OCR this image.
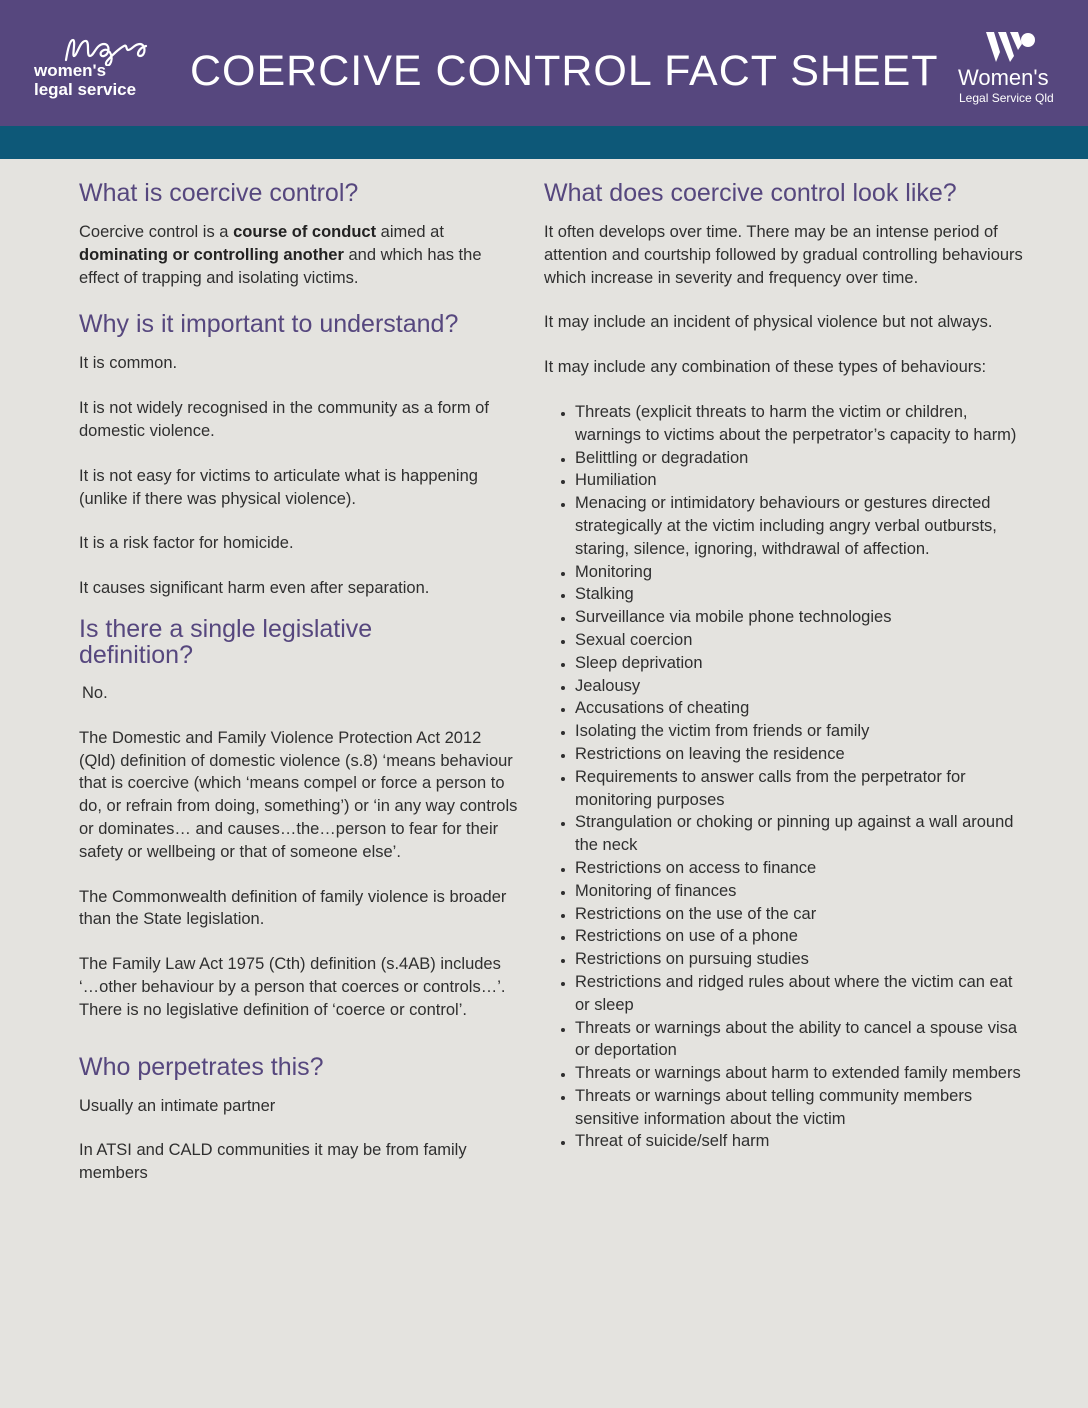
women's
legal service COERCIVE CONTROL FACT SHEET Women's
Legal Service Qld
What is coercive control?

Coercive control is a course of conduct aimed at dominating or controlling another and which has the effect of trapping and isolating victims.

Why is it important to understand?

It is common.

It is not widely recognised in the community as a form of domestic violence.

It is not easy for victims to articulate what is happening (unlike if there was physical violence).

It is a risk factor for homicide.

It causes significant harm even after separation.

Is there a single legislative definition?

No.

The Domestic and Family Violence Protection Act 2012 (Qld) definition of domestic violence (s.8) ‘means behaviour that is coercive (which ‘means compel or force a person to do, or refrain from doing, something’) or ‘in any way controls or dominates… and causes…the…person to fear for their safety or wellbeing or that of someone else’.

The Commonwealth definition of family violence is broader than the State legislation.

The Family Law Act 1975 (Cth) definition (s.4AB) includes ‘…other behaviour by a person that coerces or controls…’. There is no legislative definition of ‘coerce or control’.

Who perpetrates this?

Usually an intimate partner

In ATSI and CALD communities it may be from family members

What does coercive control look like?

It often develops over time. There may be an intense period of attention and courtship followed by gradual controlling behaviours which increase in severity and frequency over time.

It may include an incident of physical violence but not always.

It may include any combination of these types of behaviours:

• Threats (explicit threats to harm the victim or children, warnings to victims about the perpetrator’s capacity to harm)
• Belittling or degradation
• Humiliation
• Menacing or intimidatory behaviours or gestures directed strategically at the victim including angry verbal outbursts, staring, silence, ignoring, withdrawal of affection.
• Monitoring
• Stalking
• Surveillance via mobile phone technologies
• Sexual coercion
• Sleep deprivation
• Jealousy
• Accusations of cheating
• Isolating the victim from friends or family
• Restrictions on leaving the residence
• Requirements to answer calls from the perpetrator for monitoring purposes
• Strangulation or choking or pinning up against a wall around the neck
• Restrictions on access to finance
• Monitoring of finances
• Restrictions on the use of the car
• Restrictions on use of a phone
• Restrictions on pursuing studies
• Restrictions and ridged rules about where the victim can eat or sleep
• Threats or warnings about the ability to cancel a spouse visa or deportation
• Threats or warnings about harm to extended family members
• Threats or warnings about telling community members sensitive information about the victim
• Threat of suicide/self harm
